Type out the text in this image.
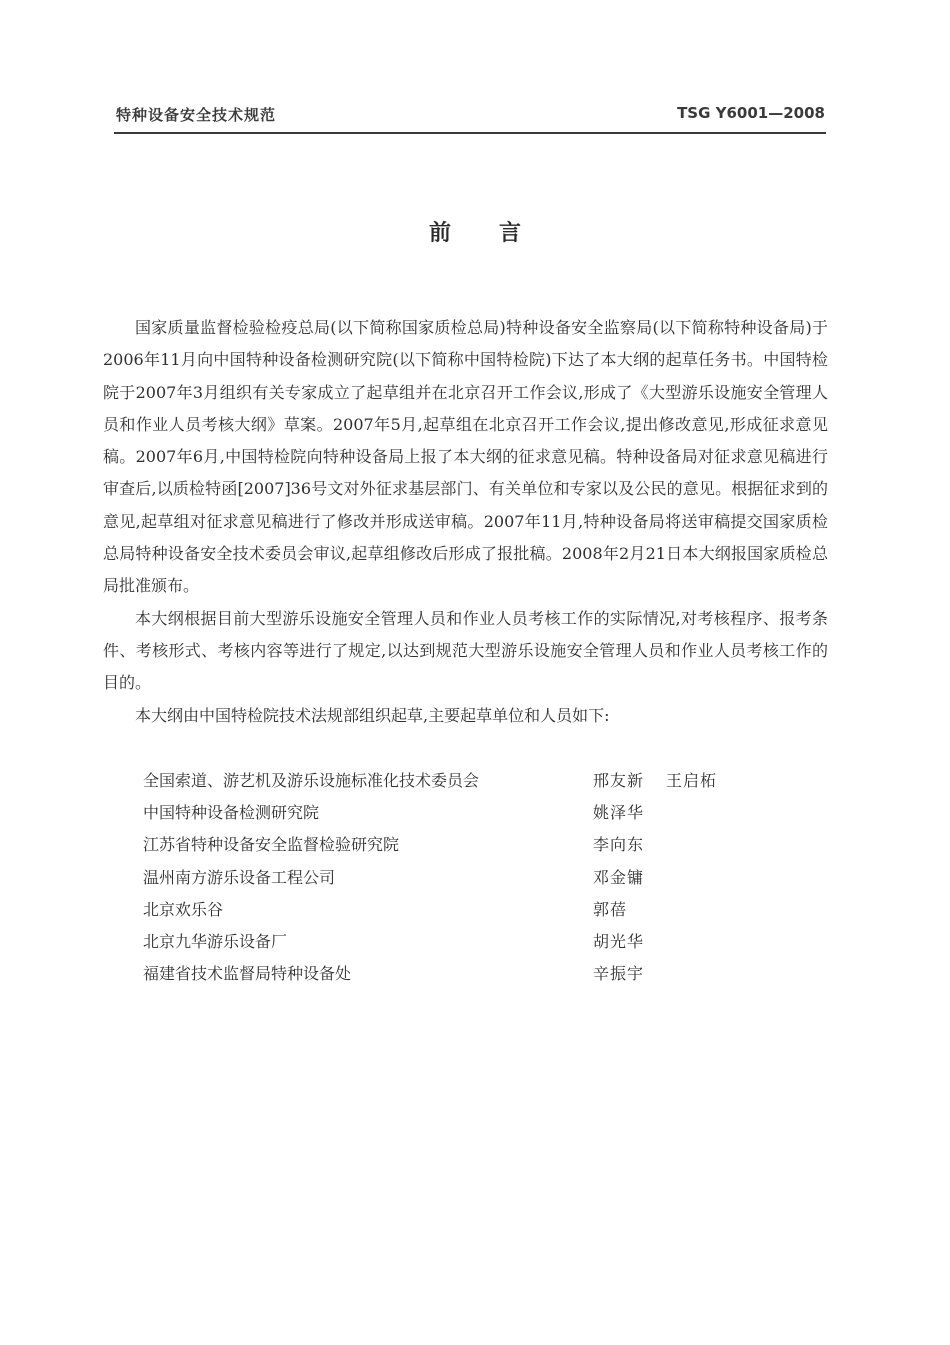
特种设备安全技术规范	TSG Y6001—2008
前言

国家质量监督检验检疫总局(以下简称国家质检总局)特种设备安全监察局(以下简称特种设备局)于2006年11月向中国特种设备检测研究院(以下简称中国特检院)下达了本大纲的起草任务书。中国特检院于2007年3月组织有关专家成立了起草组并在北京召开工作会议,形成了《大型游乐设施安全管理人员和作业人员考核大纲》草案。2007年5月,起草组在北京召开工作会议,提出修改意见,形成征求意见稿。2007年6月,中国特检院向特种设备局上报了本大纲的征求意见稿。特种设备局对征求意见稿进行审查后,以质检特函[2007]36号文对外征求基层部门、有关单位和专家以及公民的意见。根据征求到的意见,起草组对征求意见稿进行了修改并形成送审稿。2007年11月,特种设备局将送审稿提交国家质检总局特种设备安全技术委员会审议,起草组修改后形成了报批稿。2008年2月21日本大纲报国家质检总局批准颁布。

本大纲根据目前大型游乐设施安全管理人员和作业人员考核工作的实际情况,对考核程序、报考条件、考核形式、考核内容等进行了规定,以达到规范大型游乐设施安全管理人员和作业人员考核工作的目的。

本大纲由中国特检院技术法规部组织起草,主要起草单位和人员如下:

全国索道、游艺机及游乐设施标准化技术委员会	邢友新 王启柘
中国特种设备检测研究院	姚泽华
江苏省特种设备安全监督检验研究院	李向东
温州南方游乐设备工程公司	邓金镛
北京欢乐谷	郭蓓
北京九华游乐设备厂	胡光华
福建省技术监督局特种设备处	辛振宇
